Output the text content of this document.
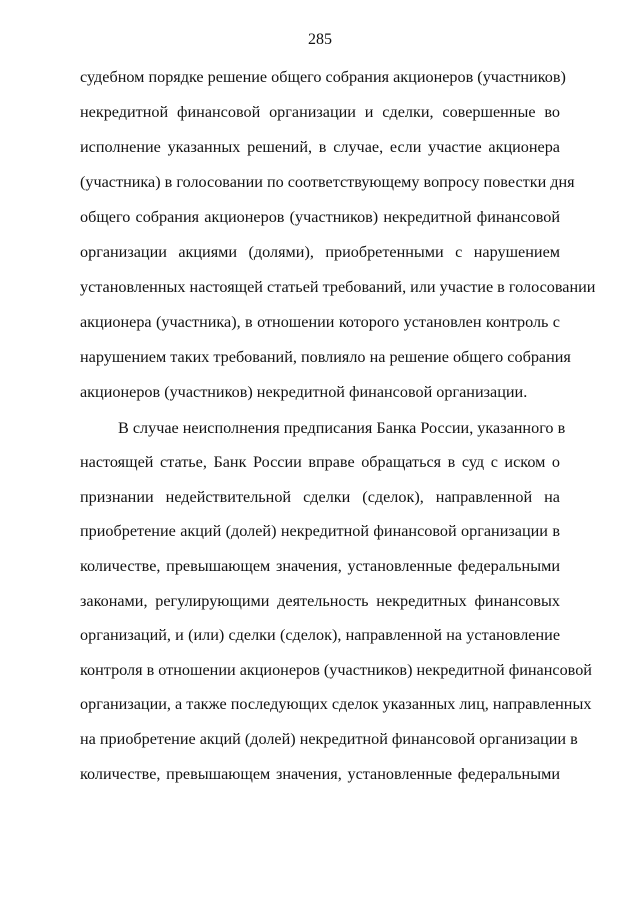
285
судебном порядке решение общего собрания акционеров (участников)
некредитной финансовой организации и сделки, совершенные во
исполнение указанных решений, в случае, если участие акционера
(участника) в голосовании по соответствующему вопросу повестки дня
общего собрания акционеров (участников) некредитной финансовой
организации акциями (долями), приобретенными с нарушением
установленных настоящей статьей требований, или участие в голосовании
акционера (участника), в отношении которого установлен контроль с
нарушением таких требований, повлияло на решение общего собрания
акционеров (участников) некредитной финансовой организации.
В случае неисполнения предписания Банка России, указанного в
настоящей статье, Банк России вправе обращаться в суд с иском о
признании недействительной сделки (сделок), направленной на
приобретение акций (долей) некредитной финансовой организации в
количестве, превышающем значения, установленные федеральными
законами, регулирующими деятельность некредитных финансовых
организаций, и (или) сделки (сделок), направленной на установление
контроля в отношении акционеров (участников) некредитной финансовой
организации, а также последующих сделок указанных лиц, направленных
на приобретение акций (долей) некредитной финансовой организации в
количестве, превышающем значения, установленные федеральными
